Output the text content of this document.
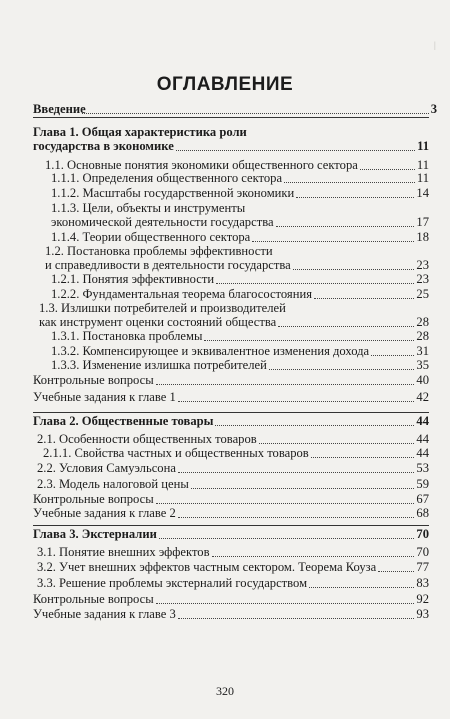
|
ОГЛАВЛЕНИЕ
Введение	3
Глава 1. Общая характеристика роли
государства в экономике	11
1.1. Основные понятия экономики общественного сектора	11
1.1.1. Определения общественного сектора	11
1.1.2. Масштабы государственной экономики	14
1.1.3. Цели, объекты и инструменты
экономической деятельности государства	17
1.1.4. Теории общественного сектора	18
1.2. Постановка проблемы эффективности
и справедливости в деятельности государства	23
1.2.1. Понятия эффективности	23
1.2.2. Фундаментальная теорема благосостояния	25
1.3. Излишки потребителей и производителей
как инструмент оценки состояний общества	28
1.3.1. Постановка проблемы	28
1.3.2. Компенсирующее и эквивалентное изменения дохода	31
1.3.3. Изменение излишка потребителей	35
Контрольные вопросы	40
Учебные задания к главе 1	42
Глава 2. Общественные товары	44
2.1. Особенности общественных товаров	44
2.1.1. Свойства частных и общественных товаров	44
2.2. Условия Самуэльсона	53
2.3. Модель налоговой цены	59
Контрольные вопросы	67
Учебные задания к главе 2	68
Глава 3. Экстерналии	70
3.1. Понятие внешних эффектов	70
3.2. Учет внешних эффектов частным сектором. Теорема Коуза	77
3.3. Решение проблемы экстерналий государством	83
Контрольные вопросы	92
Учебные задания к главе 3	93
320
